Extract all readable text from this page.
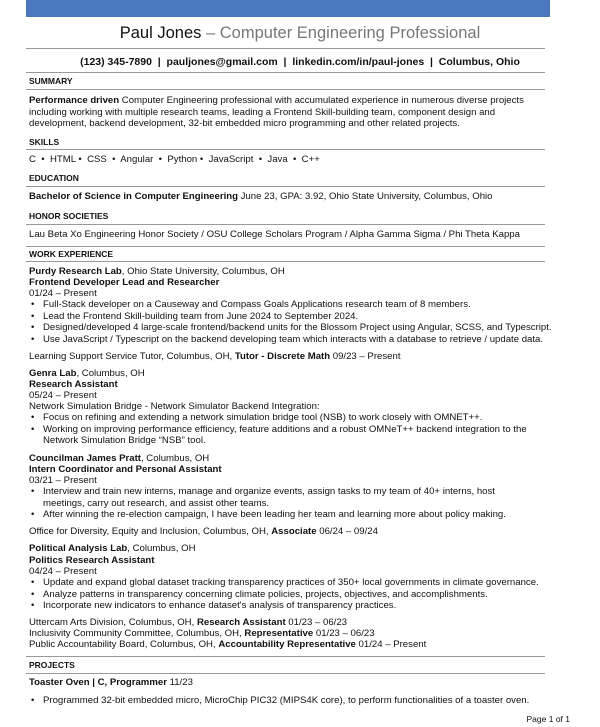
Paul Jones – Computer Engineering Professional
(123) 345-7890  |  pauljones@gmail.com  |  linkedin.com/in/paul-jones  |  Columbus, Ohio
SUMMARY
Performance driven Computer Engineering professional with accumulated experience in numerous diverse projects including working with multiple research teams, leading a Frontend Skill-building team, component design and development, backend development, 32-bit embedded micro programming and other related projects.
SKILLS
C  •  HTML •  CSS  •  Angular  •  Python •  JavaScript  •  Java  •  C++
EDUCATION
Bachelor of Science in Computer Engineering June 23, GPA: 3.92, Ohio State University, Columbus, Ohio
HONOR SOCIETIES
Lau Beta Xo Engineering Honor Society / OSU College Scholars Program / Alpha Gamma Sigma / Phi Theta Kappa
WORK EXPERIENCE
Purdy Research Lab, Ohio State University, Columbus, OH
Frontend Developer Lead and Researcher
01/24 – Present
• Full-Stack developer on a Causeway and Compass Goals Applications research team of 8 members.
• Lead the Frontend Skill-building team from June 2024 to September 2024.
• Designed/developed 4 large-scale frontend/backend units for the Blossom Project using Angular, SCSS, and Typescript.
• Use JavaScript / Typescript on the backend developing team which interacts with a database to retrieve / update data.
Learning Support Service Tutor, Columbus, OH, Tutor - Discrete Math 09/23 – Present
Genra Lab, Columbus, OH
Research Assistant
05/24 – Present
Network Simulation Bridge - Network Simulator Backend Integration:
• Focus on refining and extending a network simulation bridge tool (NSB) to work closely with OMNET++.
• Working on improving performance efficiency, feature additions and a robust OMNeT++ backend integration to the Network Simulation Bridge “NSB” tool.
Councilman James Pratt, Columbus, OH
Intern Coordinator and Personal Assistant
03/21 – Present
• Interview and train new interns, manage and organize events, assign tasks to my team of 40+ interns, host meetings, carry out research, and assist other teams.
• After winning the re-election campaign, I have been leading her team and learning more about policy making.
Office for Diversity, Equity and Inclusion, Columbus, OH, Associate 06/24 – 09/24
Political Analysis Lab, Columbus, OH
Politics Research Assistant
04/24 – Present
• Update and expand global dataset tracking transparency practices of 350+ local governments in climate governance.
• Analyze patterns in transparency concerning climate policies, projects, objectives, and accomplishments.
• Incorporate new indicators to enhance dataset's analysis of transparency practices.
Uttercam Arts Division, Columbus, OH, Research Assistant 01/23 – 06/23
Inclusivity Community Committee, Columbus, OH, Representative 01/23 – 06/23
Public Accountability Board, Columbus, OH, Accountability Representative 01/24 – Present
PROJECTS
Toaster Oven | C, Programmer 11/23
• Programmed 32-bit embedded micro, MicroChip PIC32 (MIPS4K core), to perform functionalities of a toaster oven.
Page 1 of 1
